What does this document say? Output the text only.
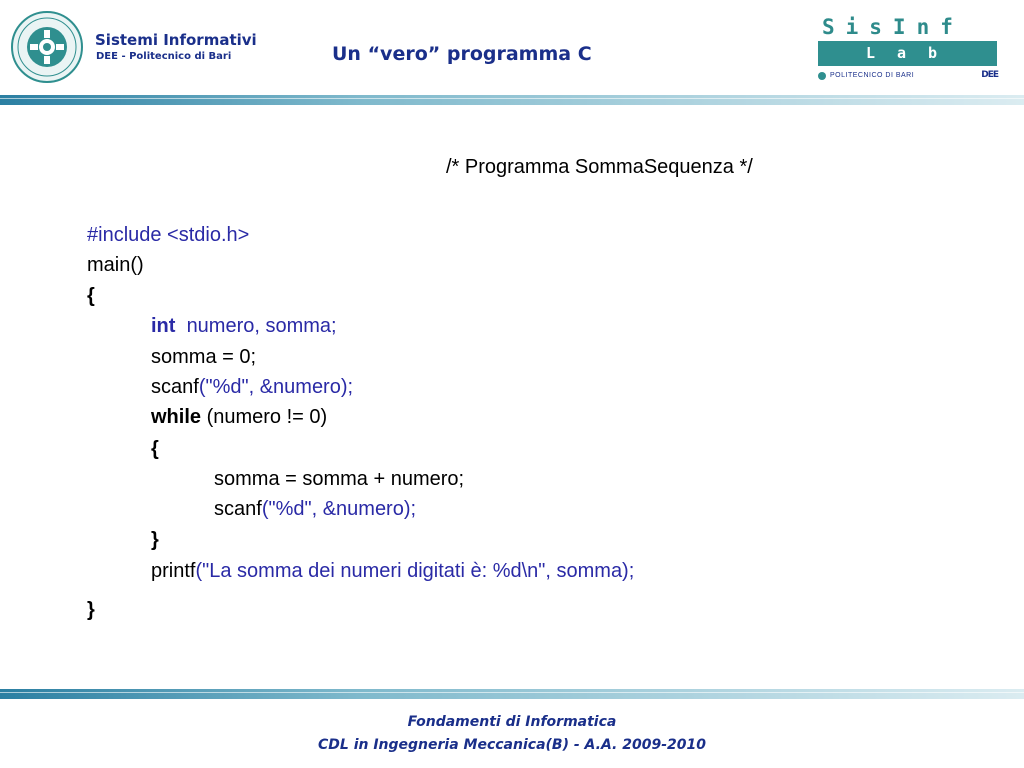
Sistemi Informativi
DEE - Politecnico di Bari	Un “vero” programma C
SisInf
Lab
POLITECNICO DI BARI	DEE
/* Programma SommaSequenza */
#include <stdio.h>
main()
{
int numero, somma;
somma = 0;
scanf("%d", &numero);
while (numero != 0)
{
somma = somma + numero;
scanf("%d", &numero);
}
printf("La somma dei numeri digitati è: %d\n", somma);
}
Fondamenti di Informatica
CDL in Ingegneria Meccanica(B) - A.A. 2009-2010
